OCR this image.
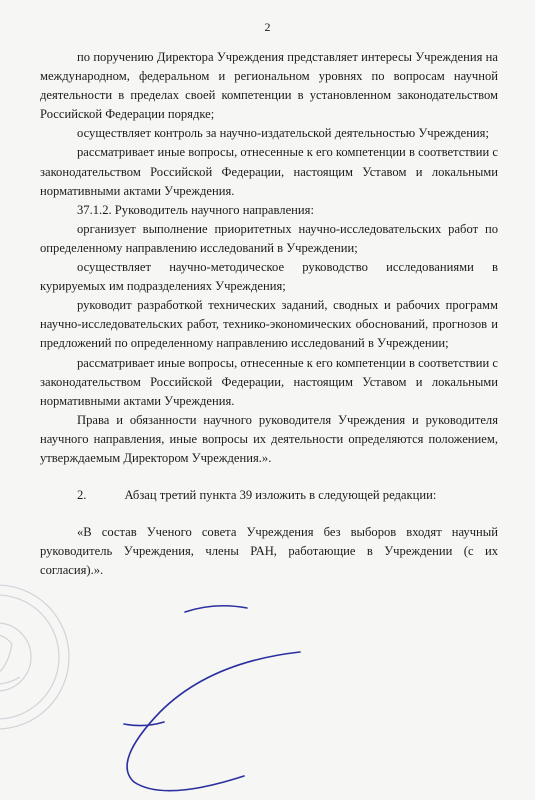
2

по поручению Директора Учреждения представляет интересы Учреждения на международном, федеральном и региональном уровнях по вопросам научной деятельности в пределах своей компетенции в установленном законодательством Российской Федерации порядке;

осуществляет контроль за научно-издательской деятельностью Учреждения;

рассматривает иные вопросы, отнесенные к его компетенции в соответствии с законодательством Российской Федерации, настоящим Уставом и локальными нормативными актами Учреждения.

37.1.2. Руководитель научного направления:

организует выполнение приоритетных научно-исследовательских работ по определенному направлению исследований в Учреждении;

осуществляет научно-методическое руководство исследованиями в курируемых им подразделениях Учреждения;

руководит разработкой технических заданий, сводных и рабочих программ научно-исследовательских работ, технико-экономических обоснований, прогнозов и предложений по определенному направлению исследований в Учреждении;

рассматривает иные вопросы, отнесенные к его компетенции в соответствии с законодательством Российской Федерации, настоящим Уставом и локальными нормативными актами Учреждения.

Права и обязанности научного руководителя Учреждения и руководителя научного направления, иные вопросы их деятельности определяются положением, утверждаемым Директором Учреждения.».

2.	Абзац третий пункта 39 изложить в следующей редакции:

«В состав Ученого совета Учреждения без выборов входят научный руководитель Учреждения, члены РАН, работающие в Учреждении (с их согласия).».
